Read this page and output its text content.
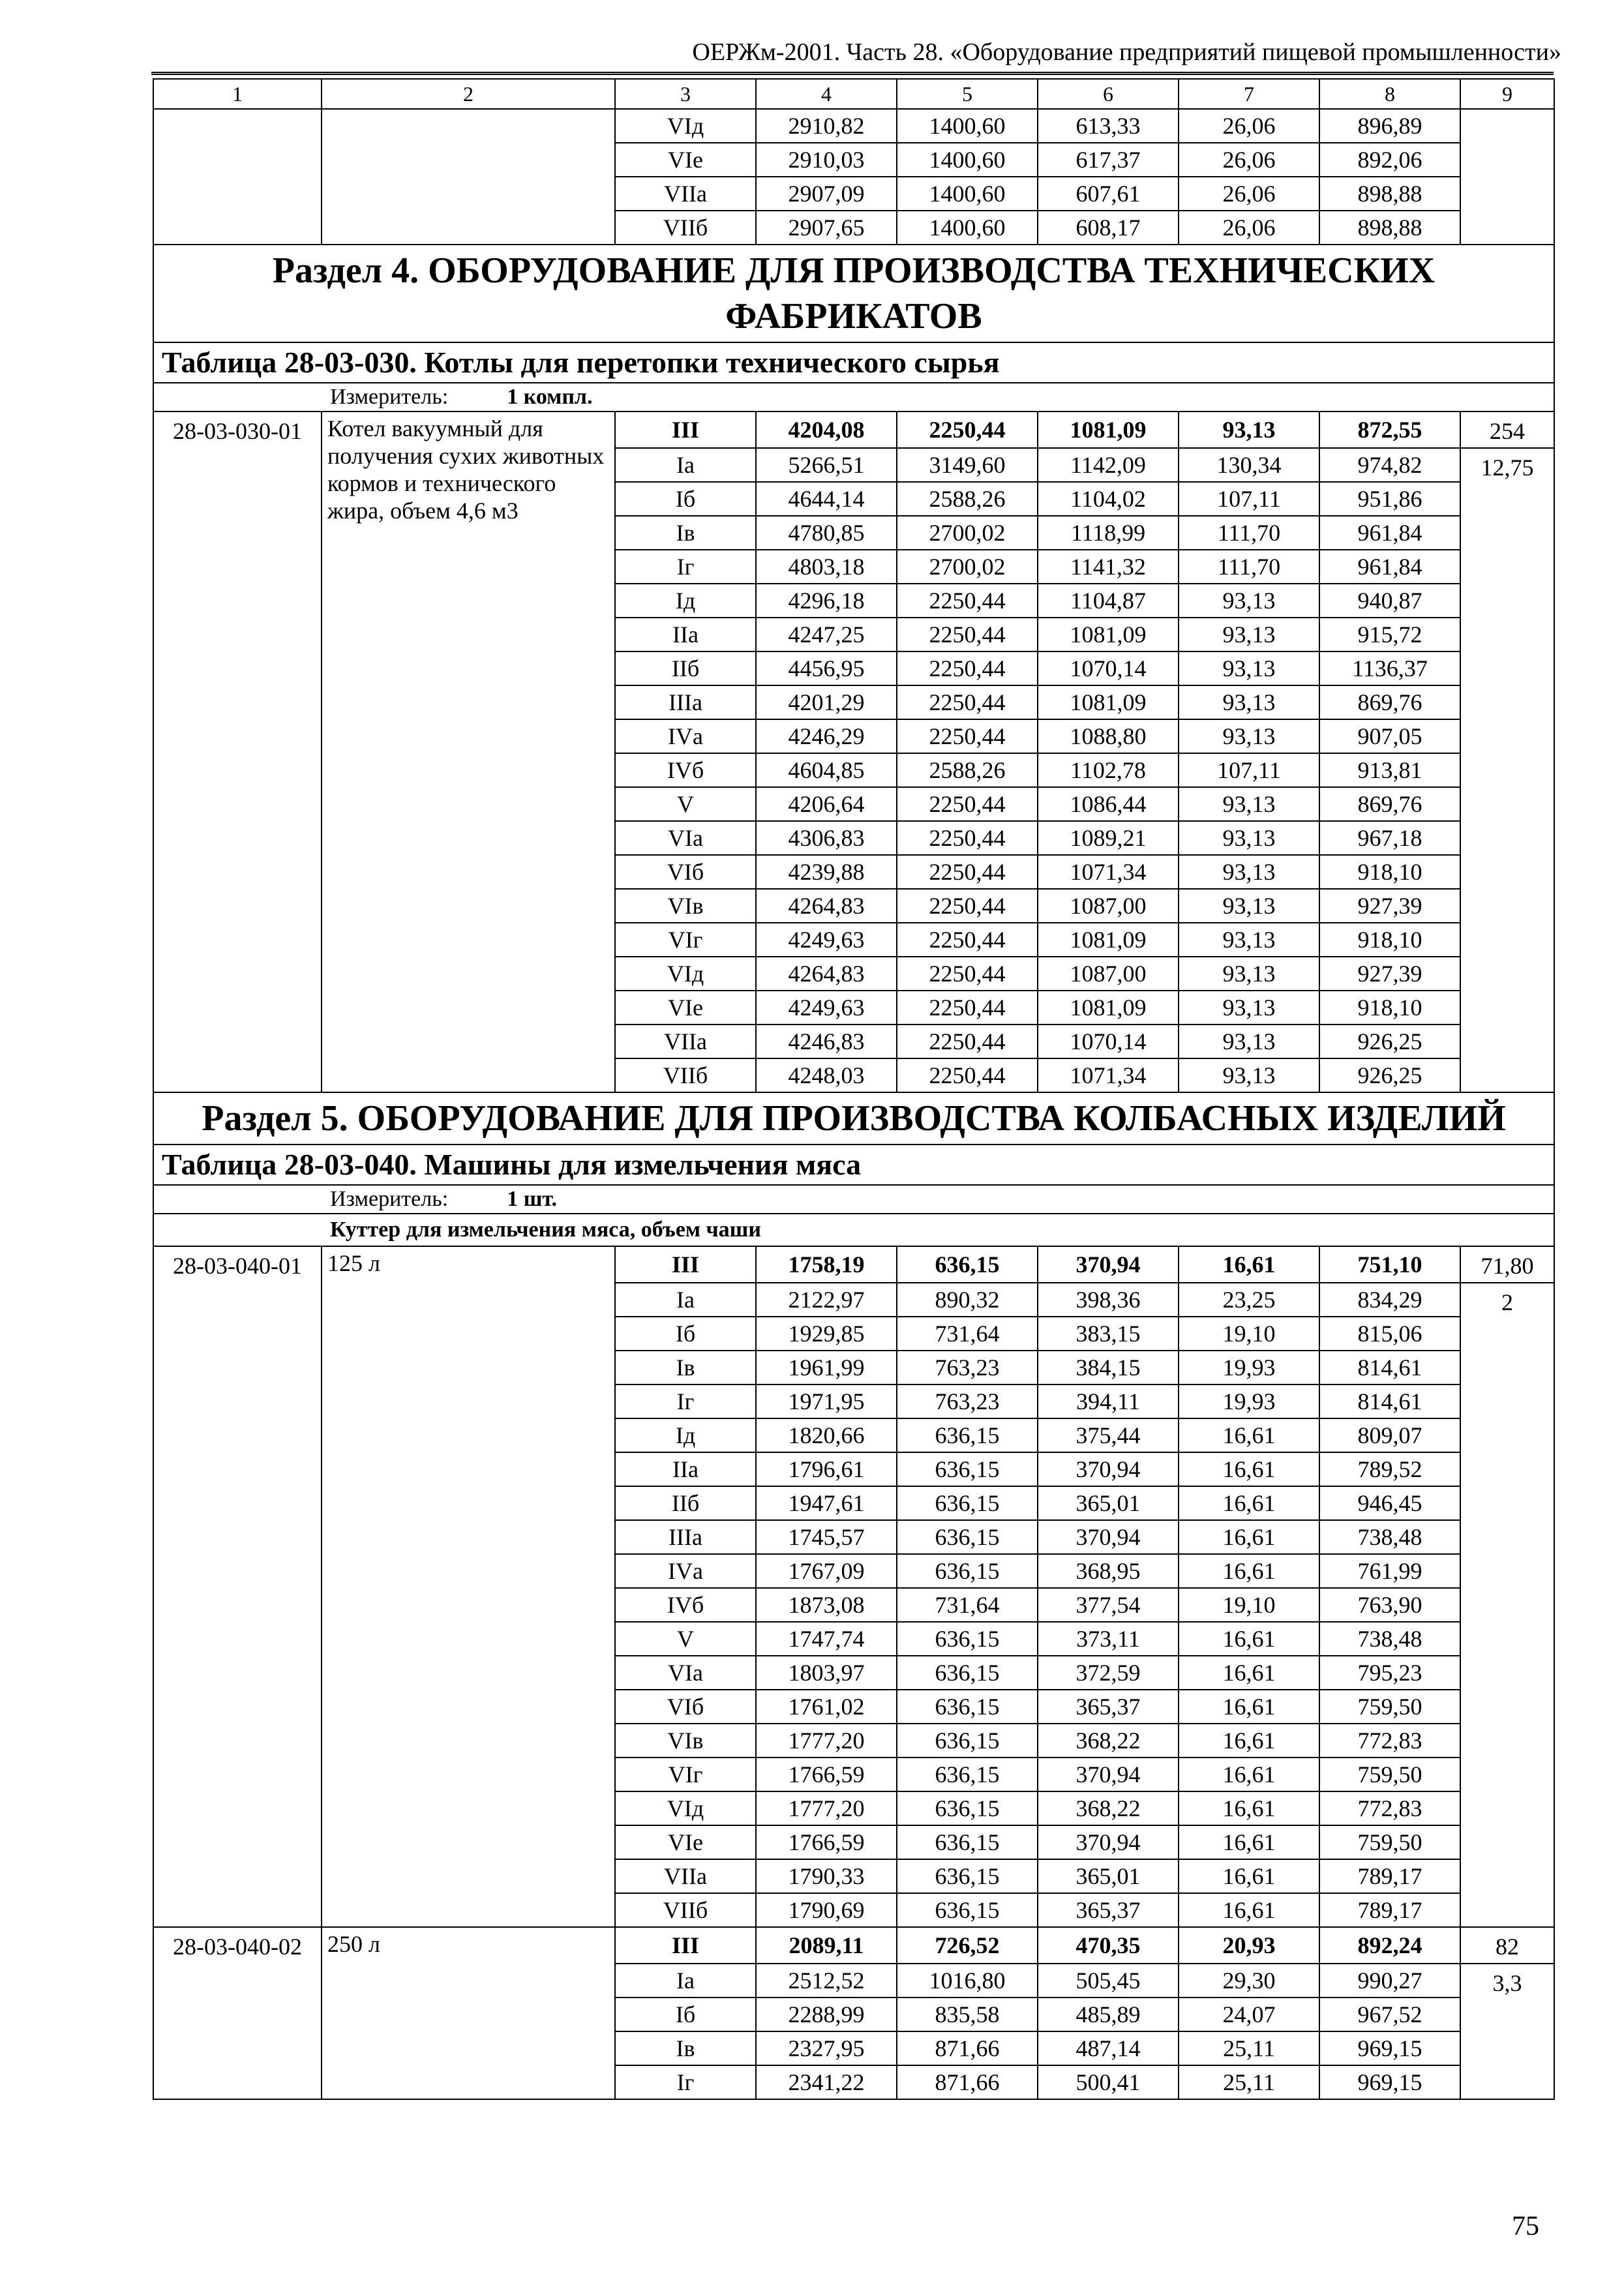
ОЕРЖм-2001. Часть 28. «Оборудование предприятий пищевой промышленности»
1	2	3	4	5	6	7	8	9
		VIд	2910,82	1400,60	613,33	26,06	896,89	
		VIе	2910,03	1400,60	617,37	26,06	892,06	
		VIIа	2907,09	1400,60	607,61	26,06	898,88	
		VIIб	2907,65	1400,60	608,17	26,06	898,88	
Раздел 4. ОБОРУДОВАНИЕ ДЛЯ ПРОИЗВОДСТВА ТЕХНИЧЕСКИХ ФАБРИКАТОВ								
Таблица 28-03-030. Котлы для перетопки технического сырья								
Измеритель: 1 компл.								
28-03-030-01	Котел вакуумный для получения сухих животных кормов и технического жира, объем 4,6 м3	III	4204,08	2250,44	1081,09	93,13	872,55	254
		Iа	5266,51	3149,60	1142,09	130,34	974,82	12,75
		Iб	4644,14	2588,26	1104,02	107,11	951,86	
		Iв	4780,85	2700,02	1118,99	111,70	961,84	
		Iг	4803,18	2700,02	1141,32	111,70	961,84	
		Iд	4296,18	2250,44	1104,87	93,13	940,87	
		IIа	4247,25	2250,44	1081,09	93,13	915,72	
		IIб	4456,95	2250,44	1070,14	93,13	1136,37	
		IIIа	4201,29	2250,44	1081,09	93,13	869,76	
		IVа	4246,29	2250,44	1088,80	93,13	907,05	
		IVб	4604,85	2588,26	1102,78	107,11	913,81	
		V	4206,64	2250,44	1086,44	93,13	869,76	
		VIа	4306,83	2250,44	1089,21	93,13	967,18	
		VIб	4239,88	2250,44	1071,34	93,13	918,10	
		VIв	4264,83	2250,44	1087,00	93,13	927,39	
		VIг	4249,63	2250,44	1081,09	93,13	918,10	
		VIд	4264,83	2250,44	1087,00	93,13	927,39	
		VIе	4249,63	2250,44	1081,09	93,13	918,10	
		VIIа	4246,83	2250,44	1070,14	93,13	926,25	
		VIIб	4248,03	2250,44	1071,34	93,13	926,25	
Раздел 5. ОБОРУДОВАНИЕ ДЛЯ ПРОИЗВОДСТВА КОЛБАСНЫХ ИЗДЕЛИЙ								
Таблица 28-03-040. Машины для измельчения мяса								
Измеритель: 1 шт.								
Куттер для измельчения мяса, объем чаши								
28-03-040-01	125 л	III	1758,19	636,15	370,94	16,61	751,10	71,80
		Iа	2122,97	890,32	398,36	23,25	834,29	2
		Iб	1929,85	731,64	383,15	19,10	815,06	
		Iв	1961,99	763,23	384,15	19,93	814,61	
		Iг	1971,95	763,23	394,11	19,93	814,61	
		Iд	1820,66	636,15	375,44	16,61	809,07	
		IIа	1796,61	636,15	370,94	16,61	789,52	
		IIб	1947,61	636,15	365,01	16,61	946,45	
		IIIа	1745,57	636,15	370,94	16,61	738,48	
		IVа	1767,09	636,15	368,95	16,61	761,99	
		IVб	1873,08	731,64	377,54	19,10	763,90	
		V	1747,74	636,15	373,11	16,61	738,48	
		VIа	1803,97	636,15	372,59	16,61	795,23	
		VIб	1761,02	636,15	365,37	16,61	759,50	
		VIв	1777,20	636,15	368,22	16,61	772,83	
		VIг	1766,59	636,15	370,94	16,61	759,50	
		VIд	1777,20	636,15	368,22	16,61	772,83	
		VIе	1766,59	636,15	370,94	16,61	759,50	
		VIIа	1790,33	636,15	365,01	16,61	789,17	
		VIIб	1790,69	636,15	365,37	16,61	789,17	
28-03-040-02	250 л	III	2089,11	726,52	470,35	20,93	892,24	82
		Iа	2512,52	1016,80	505,45	29,30	990,27	3,3
		Iб	2288,99	835,58	485,89	24,07	967,52	
		Iв	2327,95	871,66	487,14	25,11	969,15	
		Iг	2341,22	871,66	500,41	25,11	969,15	
75
